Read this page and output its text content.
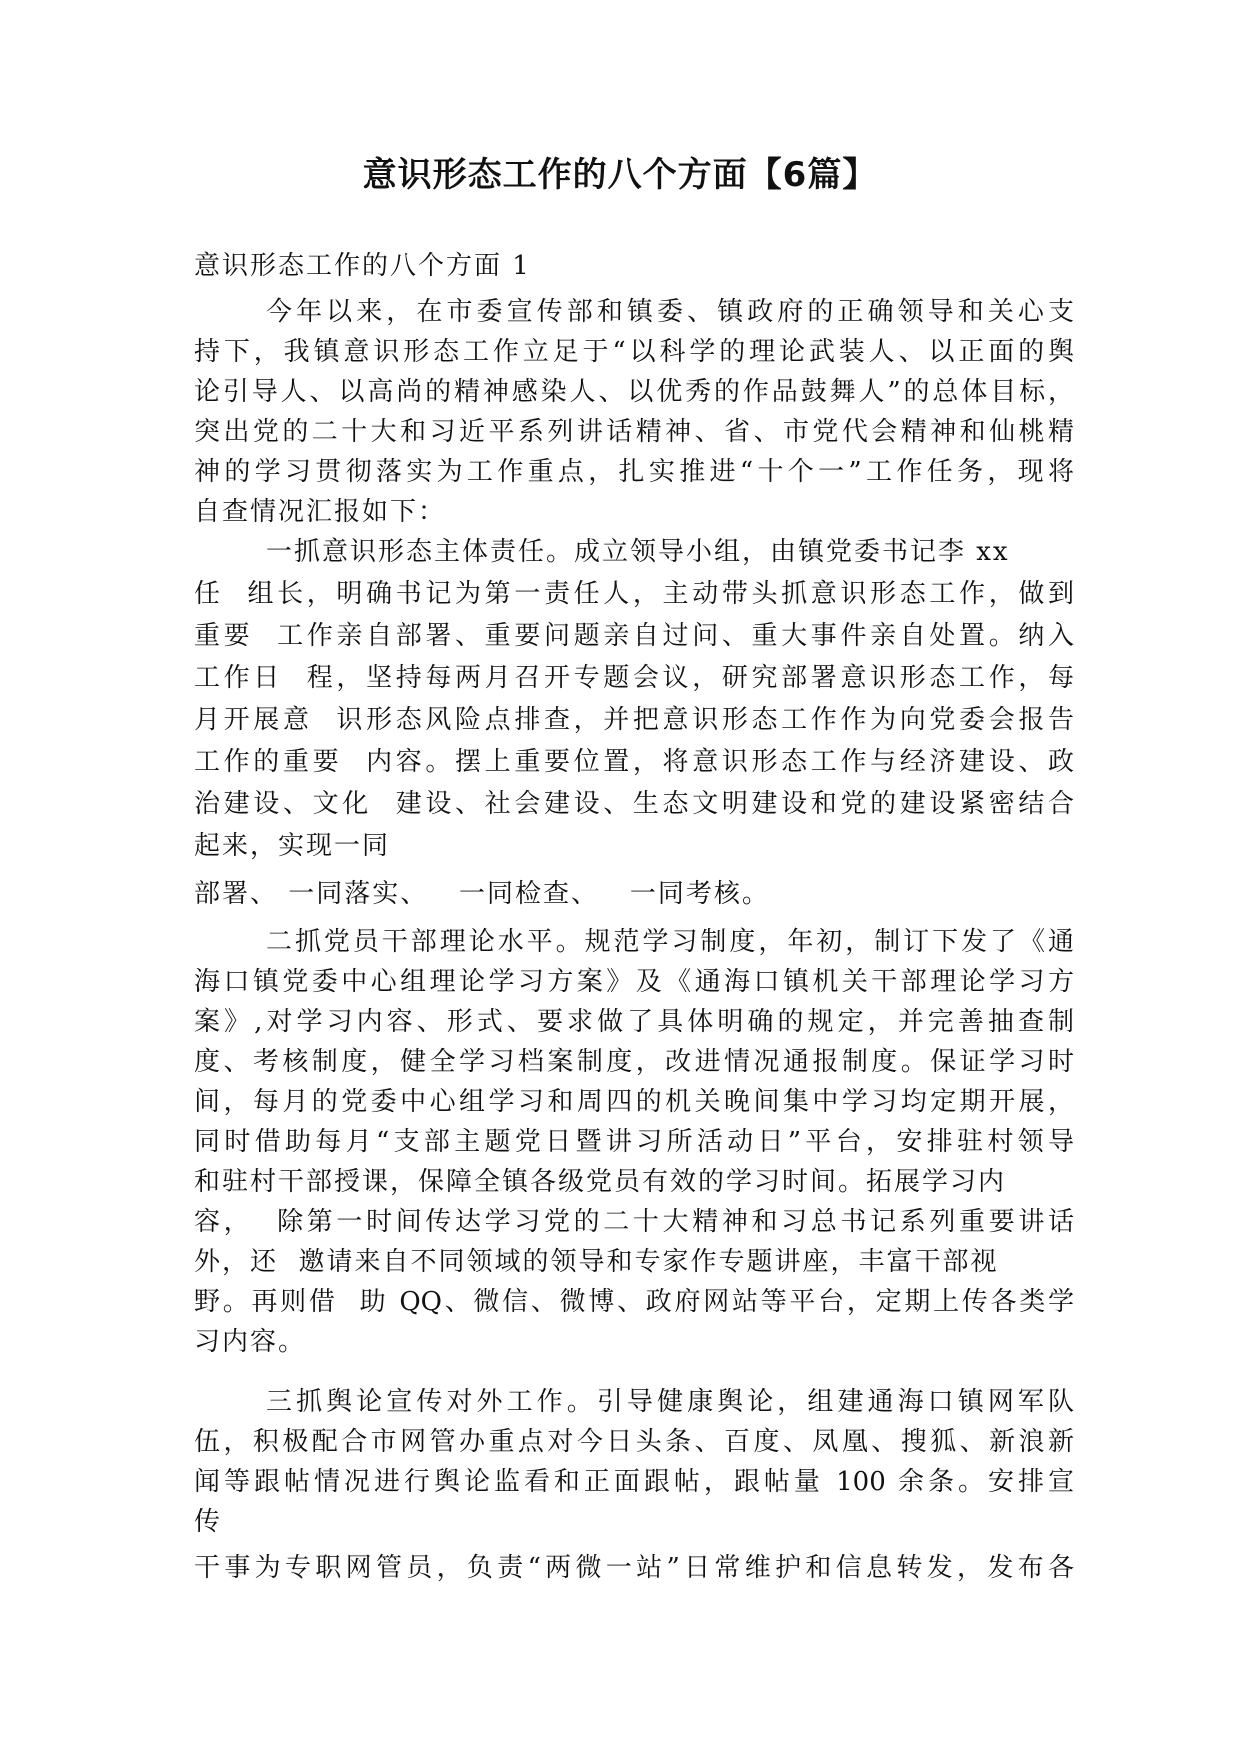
意识形态工作的八个方面【6篇】
意识形态工作的八个方面 1
今年以来，在市委宣传部和镇委、镇政府的正确领导和关心支
持下，我镇意识形态工作立足于“以科学的理论武装人、以正面的舆
论引导人、以高尚的精神感染人、以优秀的作品鼓舞人”的总体目标，
突出党的二十大和习近平系列讲话精神、省、市党代会精神和仙桃精
神的学习贯彻落实为工作重点，扎实推进“十个一”工作任务，现将
自查情况汇报如下：
一抓意识形态主体责任。成立领导小组，由镇党委书记李 xx
任  组长，明确书记为第一责任人，主动带头抓意识形态工作，做到
重要  工作亲自部署、重要问题亲自过问、重大事件亲自处置。纳入
工作日  程，坚持每两月召开专题会议，研究部署意识形态工作，每
月开展意  识形态风险点排查，并把意识形态工作作为向党委会报告
工作的重要  内容。摆上重要位置，将意识形态工作与经济建设、政
治建设、文化  建设、社会建设、生态文明建设和党的建设紧密结合
起来，实现一同
部署、 一同落实、   一同检查、   一同考核。
二抓党员干部理论水平。规范学习制度，年初，制订下发了《通
海口镇党委中心组理论学习方案》及《通海口镇机关干部理论学习方
案》,对学习内容、形式、要求做了具体明确的规定，并完善抽查制
度、考核制度，健全学习档案制度，改进情况通报制度。保证学习时
间，每月的党委中心组学习和周四的机关晚间集中学习均定期开展，
同时借助每月“支部主题党日暨讲习所活动日”平台，安排驻村领导
和驻村干部授课，保障全镇各级党员有效的学习时间。拓展学习内
容，  除第一时间传达学习党的二十大精神和习总书记系列重要讲话
外，还  邀请来自不同领域的领导和专家作专题讲座，丰富干部视
野。再则借  助 QQ、微信、微博、政府网站等平台，定期上传各类学
习内容。
三抓舆论宣传对外工作。引导健康舆论，组建通海口镇网军队
伍，积极配合市网管办重点对今日头条、百度、凤凰、搜狐、新浪新
闻等跟帖情况进行舆论监看和正面跟帖，跟帖量 100 余条。安排宣
传
干事为专职网管员，负责“两微一站”日常维护和信息转发，发布各
